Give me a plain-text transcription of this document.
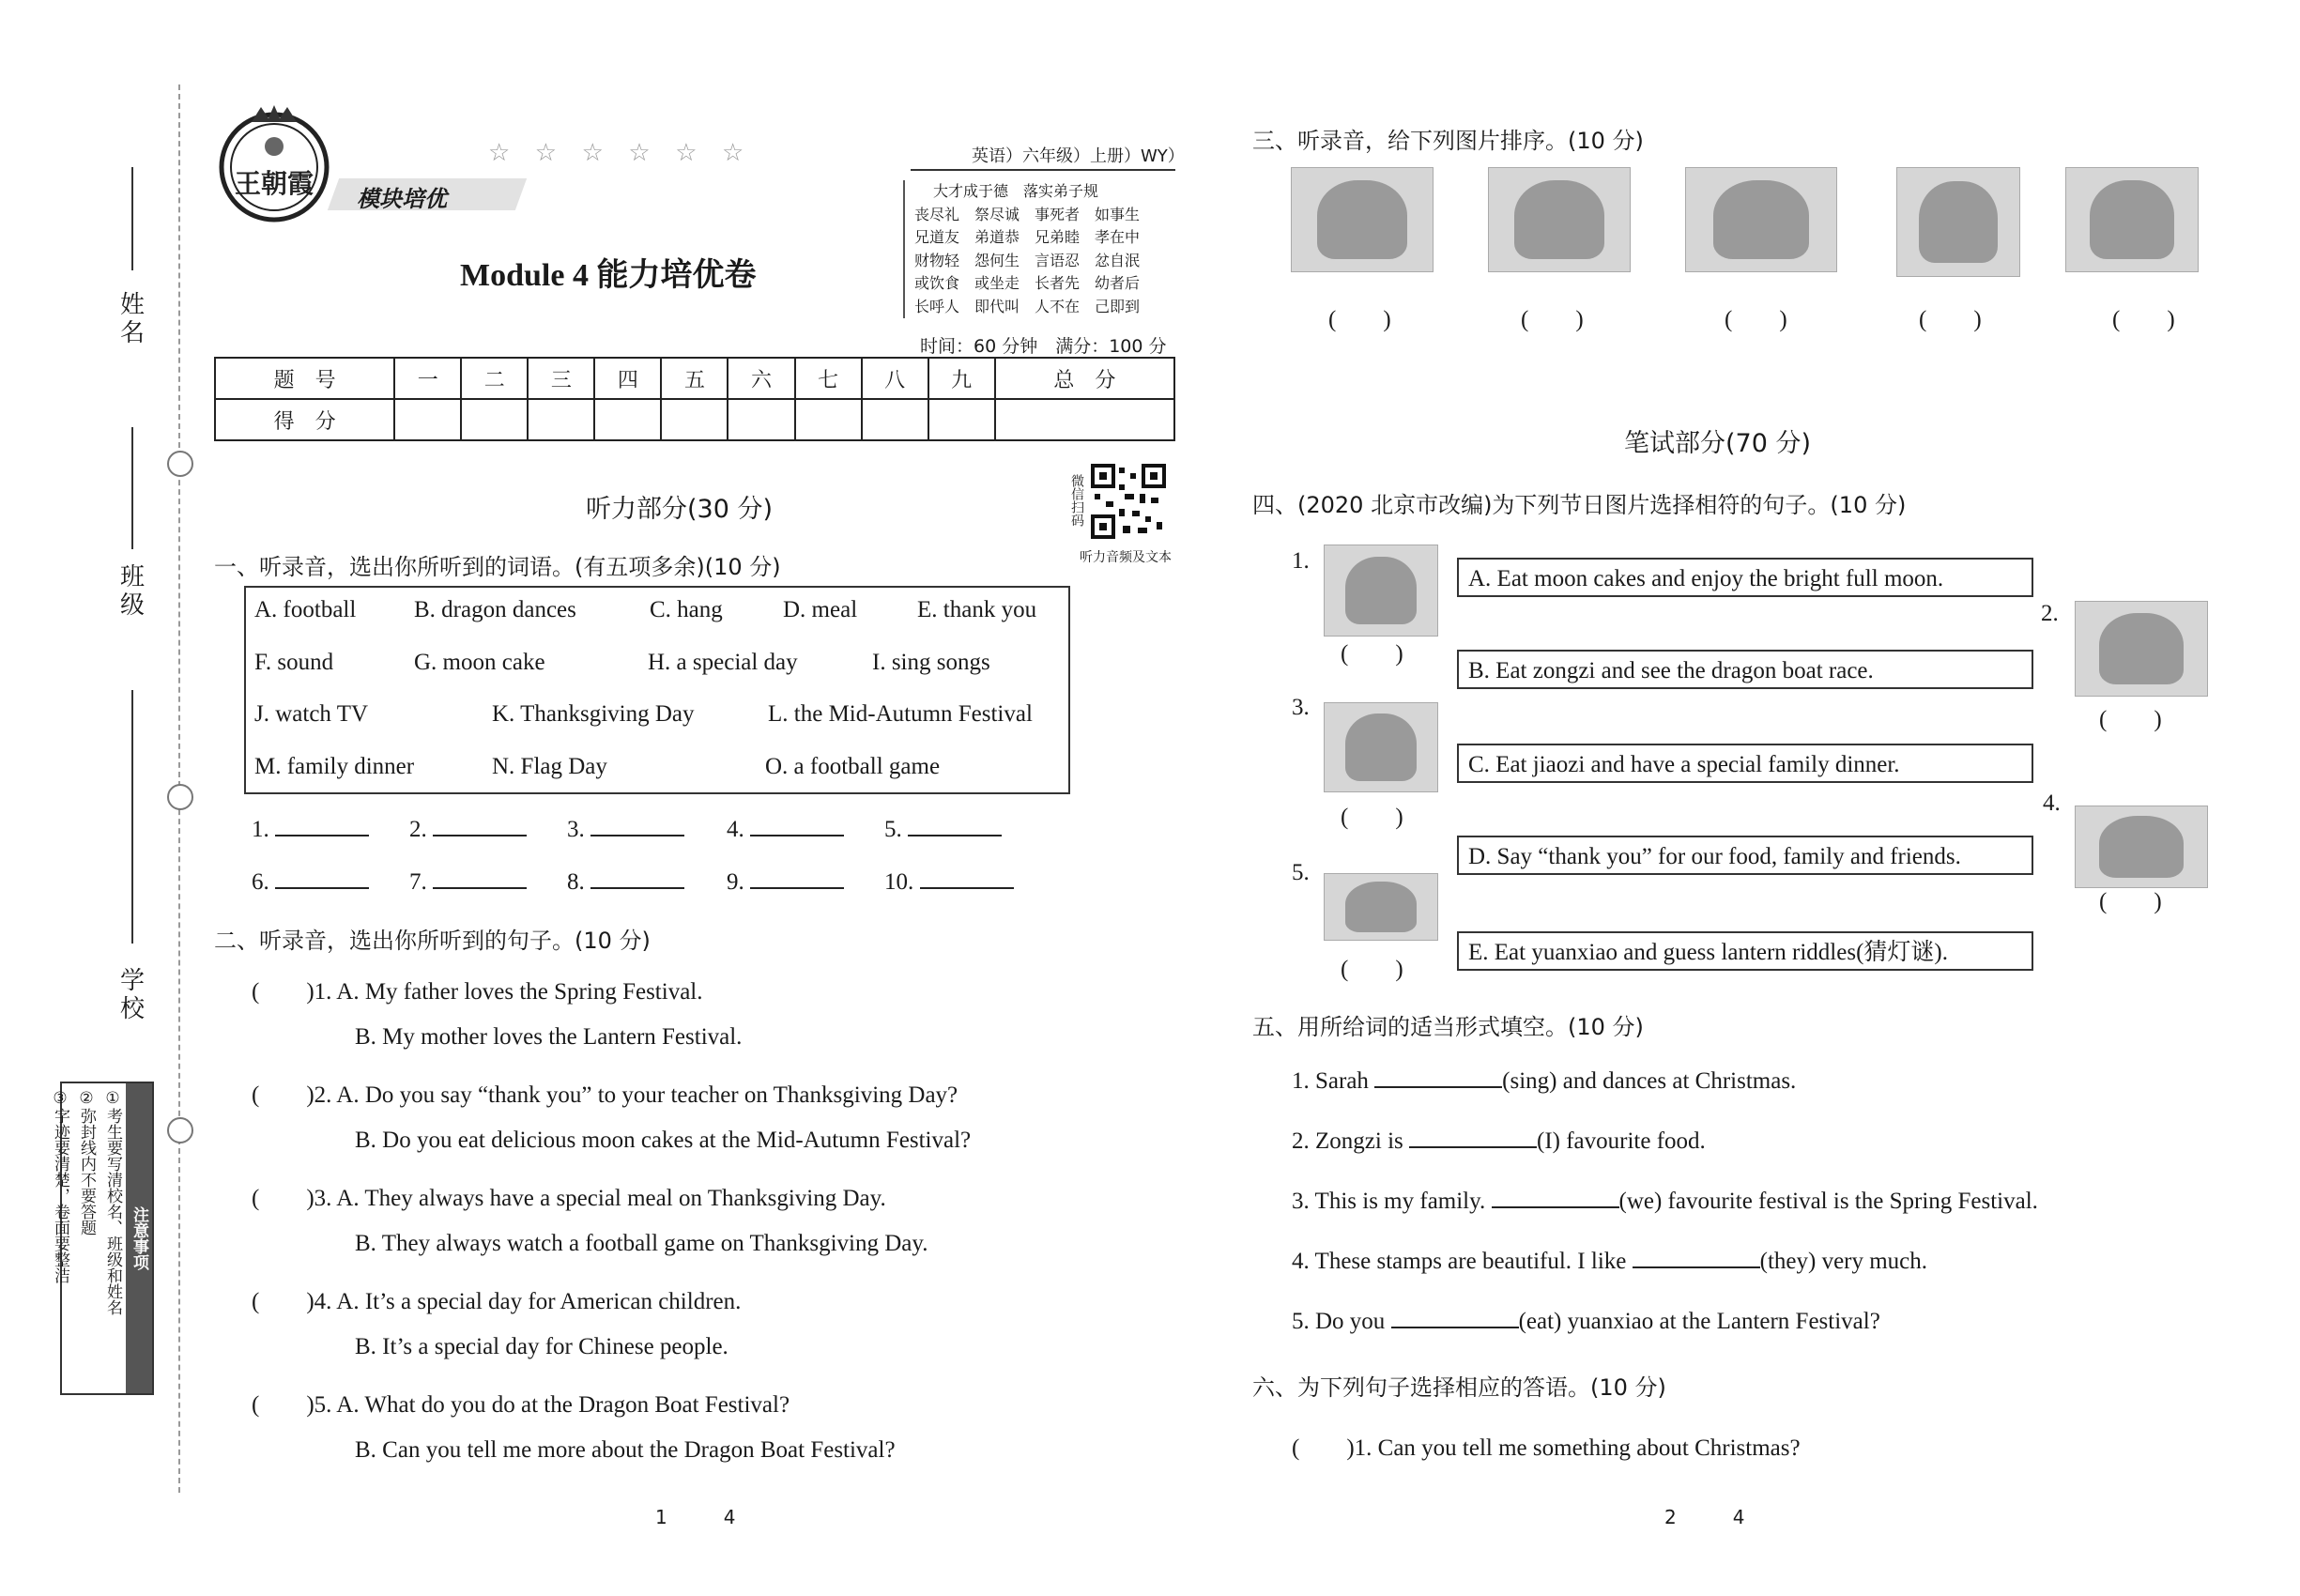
姓名
班级
学校
注意事项
①考生要写清校名、班级和姓名
②弥封线内不要答题
③字迹要清楚，卷面要整洁
王朝霞 模块培优
☆ ☆ ☆ ☆ ☆ ☆	英语）六年级）上册）WY）
Module 4 能力培优卷
大才成于德　落实弟子规
丧尽礼　祭尽诚　事死者　如事生
兄道友　弟道恭　兄弟睦　孝在中
财物轻　怨何生　言语忍　忿自泯
或饮食　或坐走　长者先　幼者后
长呼人　即代叫　人不在　己即到
时间：60 分钟　满分：100 分
题　号	一	二	三	四	五	六	七	八	九	总　分
得　分										
微信扫码
听力音频及文本
听力部分(30 分)
一、听录音，选出你所听到的词语。(有五项多余)(10 分)
A. football B. dragon dances	C. hang	D. meal	E. thank you
F. sound	G. moon cake	H. a special day	I. sing songs
J. watch TV	K. Thanksgiving Day	L. the Mid-Autumn Festival
M. family dinner	N. Flag Day	O. a football game
1.	2.	3.	4.	5.
6.	7.	8.	9.	10.
二、听录音，选出你所听到的句子。(10 分)
(　　)1. A. My father loves the Spring Festival.
B. My mother loves the Lantern Festival.
(　　)2. A. Do you say “thank you” to your teacher on Thanksgiving Day?
B. Do you eat delicious moon cakes at the Mid-Autumn Festival?
(　　)3. A. They always have a special meal on Thanksgiving Day.
B. They always watch a football game on Thanksgiving Day.
(　　)4. A. It’s a special day for American children.
B. It’s a special day for Chinese people.
(　　)5. A. What do you do at the Dragon Boat Festival?
B. Can you tell me more about the Dragon Boat Festival?
1　　　4
三、听录音，给下列图片排序。(10 分)
(　　)	(　　)	(　　)	(　　)	(　　)
笔试部分(70 分)
四、(2020 北京市改编)为下列节日图片选择相符的句子。(10 分)
1.
(　　)
2.
(　　)
3.
(　　)
4.
(　　)
5.
(　　)
A. Eat moon cakes and enjoy the bright full moon.
B. Eat zongzi and see the dragon boat race.
C. Eat jiaozi and have a special family dinner.
D. Say “thank you” for our food, family and friends.
E. Eat yuanxiao and guess lantern riddles(猜灯谜).
五、用所给词的适当形式填空。(10 分)
1. Sarah	(sing) and dances at Christmas.
2. Zongzi is	(I) favourite food.
3. This is my family.	(we) favourite festival is the Spring Festival.
4. These stamps are beautiful. I like	(they) very much.
5. Do you	(eat) yuanxiao at the Lantern Festival?
六、为下列句子选择相应的答语。(10 分)
(　　)1. Can you tell me something about Christmas?
2　　　4
